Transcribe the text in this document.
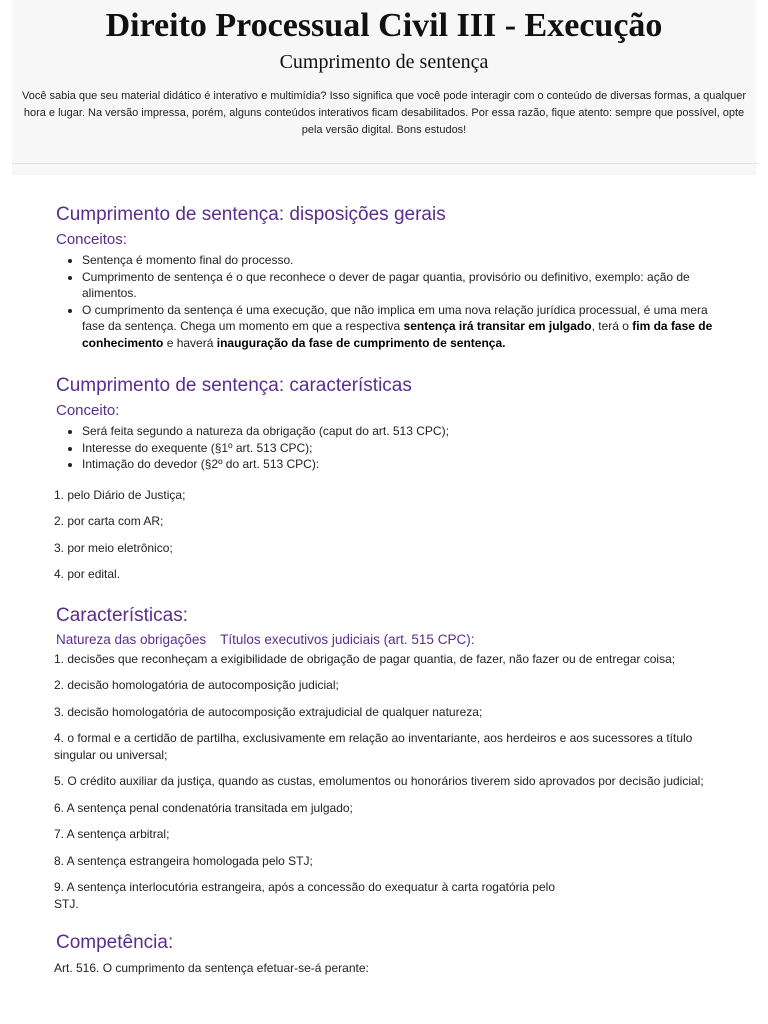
Direito Processual Civil III - Execução
Cumprimento de sentença

Você sabia que seu material didático é interativo e multimídia? Isso significa que você pode interagir com o conteúdo de diversas formas, a qualquer hora e lugar. Na versão impressa, porém, alguns conteúdos interativos ficam desabilitados. Por essa razão, fique atento: sempre que possível, opte pela versão digital. Bons estudos!

Cumprimento de sentença: disposições gerais
Conceitos:
• Sentença é momento final do processo.
• Cumprimento de sentença é o que reconhece o dever de pagar quantia, provisório ou definitivo, exemplo: ação de alimentos.
• O cumprimento da sentença é uma execução, que não implica em uma nova relação jurídica processual, é uma mera fase da sentença. Chega um momento em que a respectiva sentença irá transitar em julgado, terá o fim da fase de conhecimento e haverá inauguração da fase de cumprimento de sentença.
Cumprimento de sentença: características
Conceito:
• Será feita segundo a natureza da obrigação (caput do art. 513 CPC);
• Interesse do exequente (§1º art. 513 CPC);
• Intimação do devedor (§2º do art. 513 CPC):

1. pelo Diário de Justiça;

2. por carta com AR;

3. por meio eletrônico;

4. por edital.

Características:
Natureza das obrigações Títulos executivos judiciais (art. 515 CPC):

1. decisões que reconheçam a exigibilidade de obrigação de pagar quantia, de fazer, não fazer ou de entregar coisa;

2. decisão homologatória de autocomposição judicial;

3. decisão homologatória de autocomposição extrajudicial de qualquer natureza;

4. o formal e a certidão de partilha, exclusivamente em relação ao inventariante, aos herdeiros e aos sucessores a título singular ou universal;

5. O crédito auxiliar da justiça, quando as custas, emolumentos ou honorários tiverem sido aprovados por decisão judicial;

6. A sentença penal condenatória transitada em julgado;

7. A sentença arbitral;

8. A sentença estrangeira homologada pelo STJ;

9. A sentença interlocutória estrangeira, após a concessão do exequatur à carta rogatória pelo STJ.

Competência:

Art. 516. O cumprimento da sentença efetuar-se-á perante:
